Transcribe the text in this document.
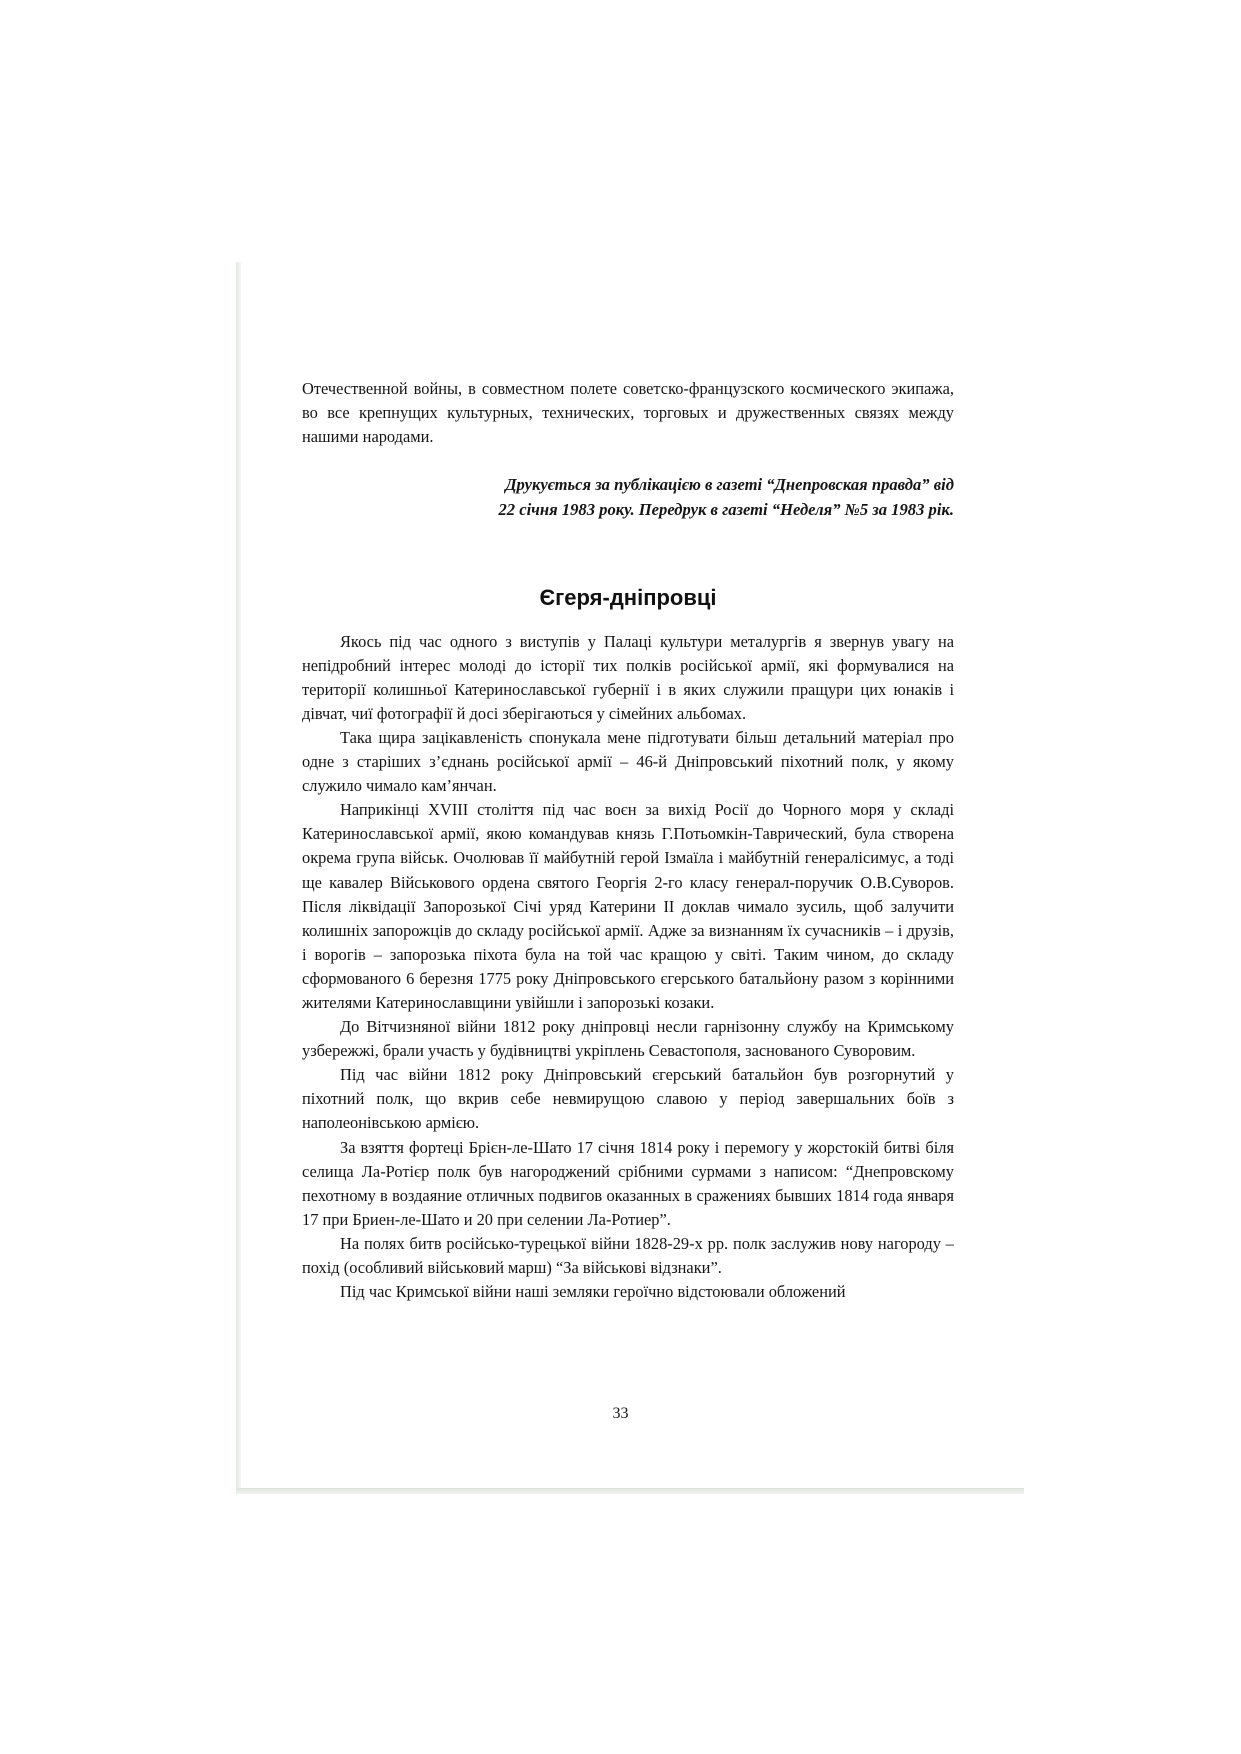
Отечественной войны, в совместном полете советско-французского космического экипажа, во все крепнущих культурных, технических, торговых и дружественных связях между нашими народами.

Друкується за публікацією в газеті “Днепровская правда” від
22 січня 1983 року. Передрук в газеті “Неделя” №5 за 1983 рік.
Єгеря-дніпровці

Якось під час одного з виступів у Палаці культури металургів я звернув увагу на непідробний інтерес молоді до історії тих полків російської армії, які формувалися на території колишньої Катеринославської губернії і в яких служили пращури цих юнаків і дівчат, чиї фотографії й досі зберігаються у сімейних альбомах.

Така щира зацікавленість спонукала мене підготувати більш детальний матеріал про одне з старіших з’єднань російської армії – 46-й Дніпровський піхотний полк, у якому служило чимало кам’янчан.

Наприкінці XVIII століття під час воєн за вихід Росії до Чорного моря у складі Катеринославської армії, якою командував князь Г.Потьомкін-Таврический, була створена окрема група військ. Очолював її майбутній герой Ізмаїла і майбутній генералісимус, а тоді ще кавалер Військового ордена святого Георгія 2-го класу генерал-поручик О.В.Суворов. Після ліквідації Запорозької Січі уряд Катерини II доклав чимало зусиль, щоб залучити колишніх запорожців до складу російської армії. Адже за визнанням їх сучасників – і друзів, і ворогів – запорозька піхота була на той час кращою у світі. Таким чином, до складу сформованого 6 березня 1775 року Дніпровського єгерського батальйону разом з корінними жителями Катеринославщини увійшли і запорозькі козаки.

До Вітчизняної війни 1812 року дніпровці несли гарнізонну службу на Кримському узбережжі, брали участь у будівництві укріплень Севастополя, заснованого Суворовим.

Під час війни 1812 року Дніпровський єгерський батальйон був розгорнутий у піхотний полк, що вкрив себе невмирущою славою у період завершальних боїв з наполеонівською армією.

За взяття фортеці Брієн-ле-Шато 17 січня 1814 року і перемогу у жорстокій битві біля селища Ла-Ротієр полк був нагороджений срібними сурмами з написом: “Днепровскому пехотному в воздаяние отличных подвигов оказанных в сражениях бывших 1814 года января 17 при Бриен-ле-Шато и 20 при селении Ла-Ротиер”.

На полях битв російсько-турецької війни 1828-29-х рр. полк заслужив нову нагороду – похід (особливий військовий марш) “За військові відзнаки”.

Під час Кримської війни наші земляки героїчно відстоювали обложений

33
